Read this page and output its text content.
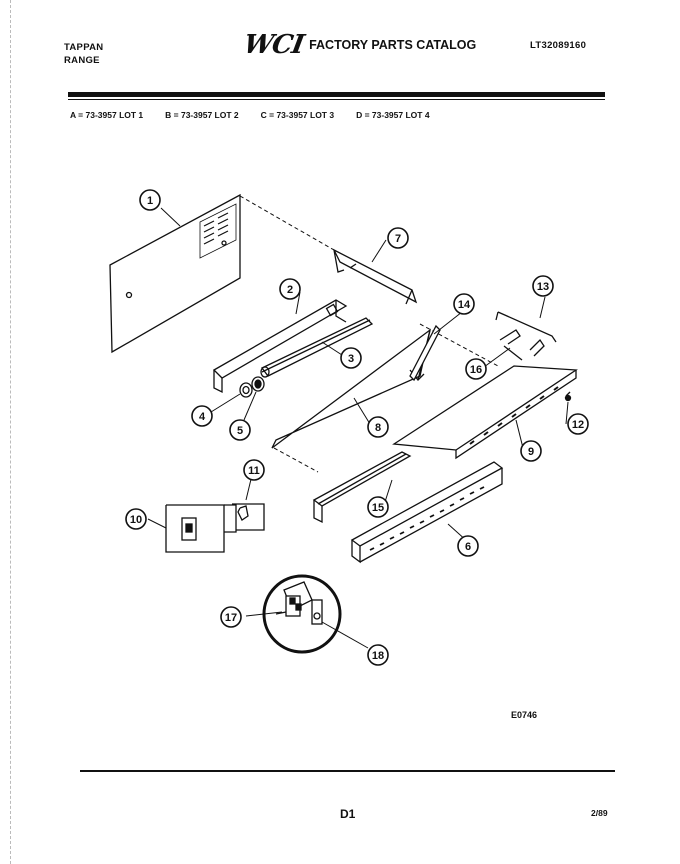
TAPPAN
RANGE
WCI FACTORY PARTS CATALOG	LT32089160
A = 73-3957 LOT 1	B = 73-3957 LOT 2	C = 73-3957 LOT 3	D = 73-3957 LOT 4
1
2
3
4
5
6
7
8
9
10
11
12
13
14
15
16
17
18
E0746
D1	2/89
